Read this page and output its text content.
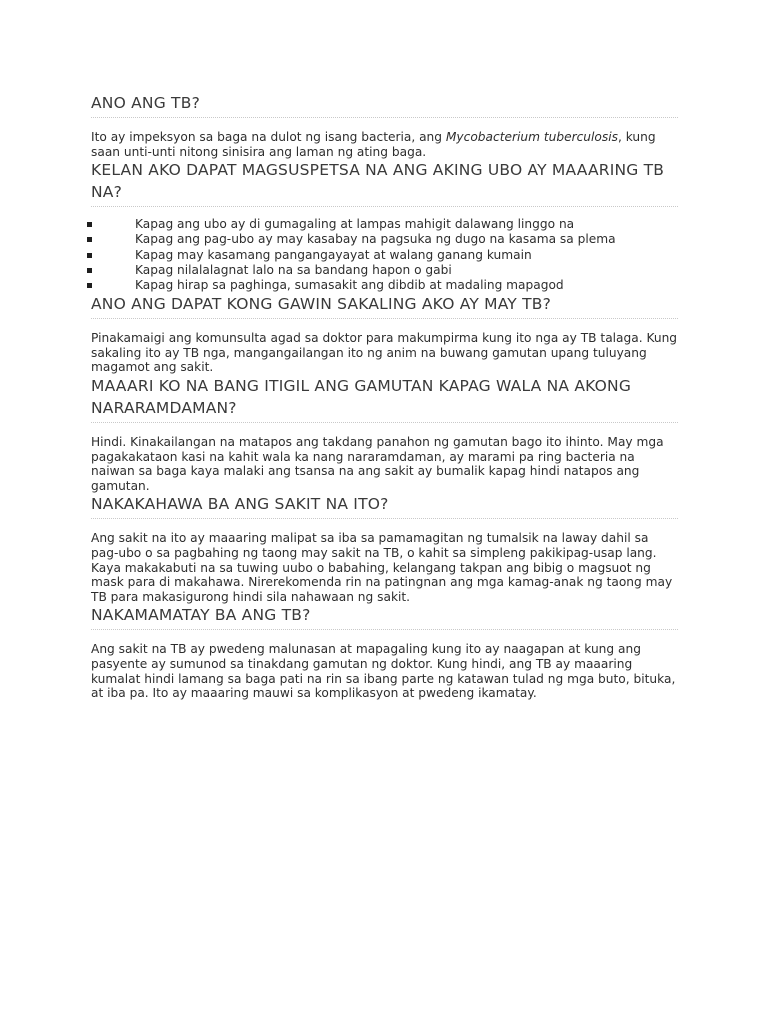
ANO ANG TB?

Ito ay impeksyon sa baga na dulot ng isang bacteria, ang Mycobacterium tuberculosis, kung saan unti-unti nitong sinisira ang laman ng ating baga.

KELAN AKO DAPAT MAGSUSPETSA NA ANG AKING UBO AY MAAARING TB NA?
Kapag ang ubo ay di gumagaling at lampas mahigit dalawang linggo na
Kapag ang pag-ubo ay may kasabay na pagsuka ng dugo na kasama sa plema
Kapag may kasamang pangangayayat at walang ganang kumain
Kapag nilalalagnat lalo na sa bandang hapon o gabi
Kapag hirap sa paghinga, sumasakit ang dibdib at madaling mapagod
ANO ANG DAPAT KONG GAWIN SAKALING AKO AY MAY TB?

Pinakamaigi ang komunsulta agad sa doktor para makumpirma kung ito nga ay TB talaga. Kung sakaling ito ay TB nga, mangangailangan ito ng anim na buwang gamutan upang tuluyang magamot ang sakit.

MAAARI KO NA BANG ITIGIL ANG GAMUTAN KAPAG WALA NA AKONG NARARAMDAMAN?

Hindi. Kinakailangan na matapos ang takdang panahon ng gamutan bago ito ihinto. May mga pagakakataon kasi na kahit wala ka nang nararamdaman, ay marami pa ring bacteria na naiwan sa baga kaya malaki ang tsansa na ang sakit ay bumalik kapag hindi natapos ang gamutan.

NAKAKAHAWA BA ANG SAKIT NA ITO?

Ang sakit na ito ay maaaring malipat sa iba sa pamamagitan ng tumalsik na laway dahil sa pag-ubo o sa pagbahing ng taong may sakit na TB, o kahit sa simpleng pakikipag-usap lang. Kaya makakabuti na sa tuwing uubo o babahing, kelangang takpan ang bibig o magsuot ng mask para di makahawa. Nirerekomenda rin na patingnan ang mga kamag-anak ng taong may TB para makasigurong hindi sila nahawaan ng sakit.

NAKAMAMATAY BA ANG TB?

Ang sakit na TB ay pwedeng malunasan at mapagaling kung ito ay naagapan at kung ang pasyente ay sumunod sa tinakdang gamutan ng doktor. Kung hindi, ang TB ay maaaring kumalat hindi lamang sa baga pati na rin sa ibang parte ng katawan tulad ng mga buto, bituka, at iba pa. Ito ay maaaring mauwi sa komplikasyon at pwedeng ikamatay.
